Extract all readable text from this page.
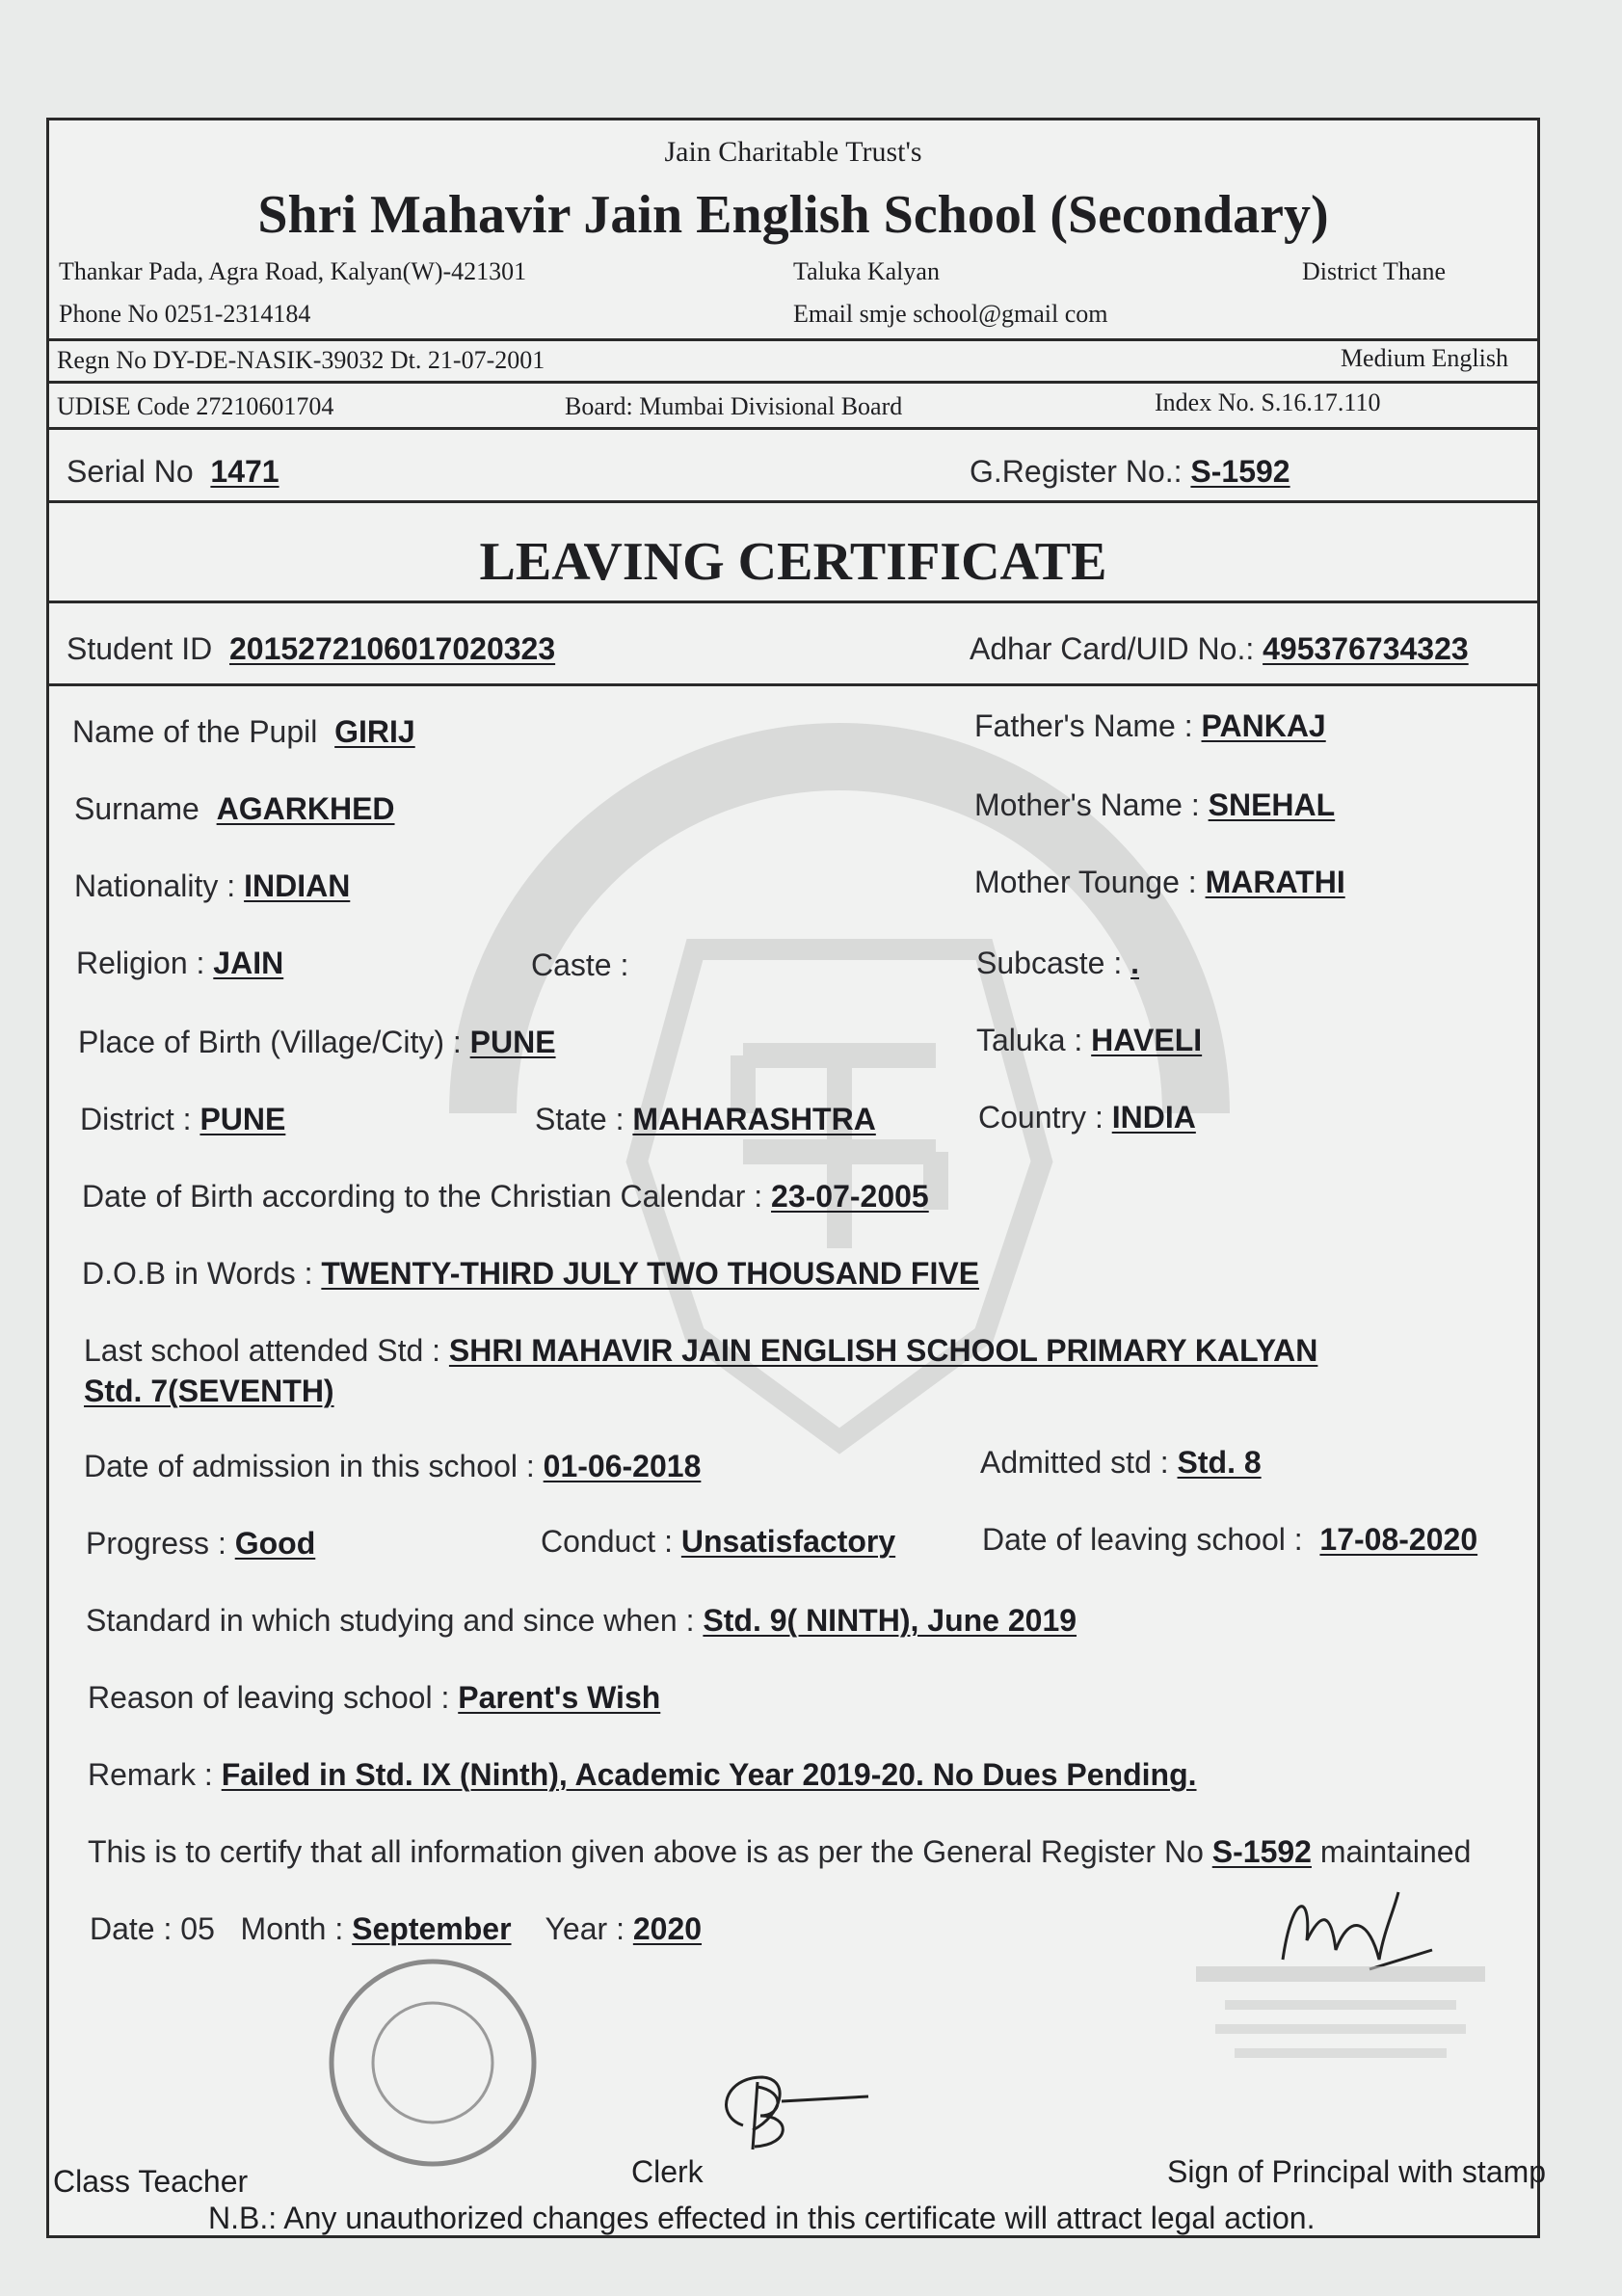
Jain Charitable Trust's
Shri Mahavir Jain English School (Secondary)
Thankar Pada, Agra Road, Kalyan(W)-421301	Taluka Kalyan	District Thane
Phone No 0251-2314184	Email smje school@gmail com
Regn No DY-DE-NASIK-39032 Dt. 21-07-2001	Medium English
UDISE Code 27210601704	Board: Mumbai Divisional Board	Index No. S.16.17.110
Serial No 1471	G.Register No.: S-1592
LEAVING CERTIFICATE
Student ID 2015272106017020323	Adhar Card/UID No.: 495376734323
Name of the Pupil GIRIJ	Father's Name : PANKAJ
Surname AGARKHED	Mother's Name : SNEHAL
Nationality : INDIAN	Mother Tounge : MARATHI
Religion : JAIN	Caste :	Subcaste : .
Place of Birth (Village/City) : PUNE	Taluka : HAVELI
District : PUNE	State : MAHARASHTRA	Country : INDIA
Date of Birth according to the Christian Calendar : 23-07-2005
D.O.B in Words : TWENTY-THIRD JULY TWO THOUSAND FIVE
Last school attended Std : SHRI MAHAVIR JAIN ENGLISH SCHOOL PRIMARY KALYAN
Std. 7(SEVENTH)
Date of admission in this school : 01-06-2018	Admitted std : Std. 8
Progress : Good	Conduct : Unsatisfactory	Date of leaving school : 17-08-2020
Standard in which studying and since when : Std. 9( NINTH), June 2019
Reason of leaving school : Parent's Wish
Remark : Failed in Std. IX (Ninth), Academic Year 2019-20. No Dues Pending.
This is to certify that all information given above is as per the General Register No S-1592 maintained
Date : 05 Month : September Year : 2020
Class Teacher	Clerk	Sign of Principal with stamp
N.B.: Any unauthorized changes effected in this certificate will attract legal action.
